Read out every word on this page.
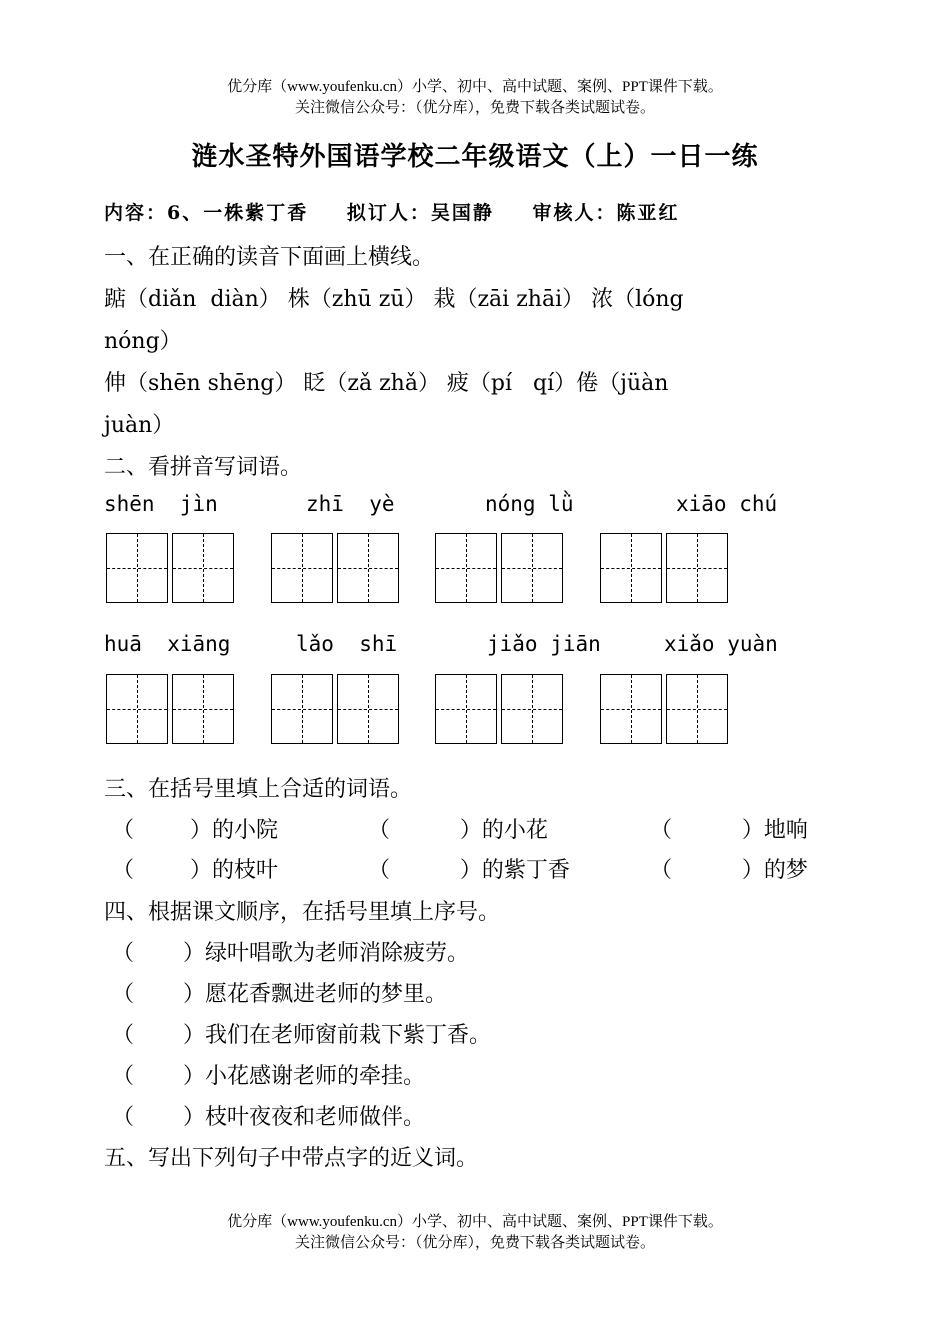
优分库（www.youfenku.cn）小学、初中、高中试题、案例、PPT课件下载。
关注微信公众号：（优分库），免费下载各类试题试卷。
涟水圣特外国语学校二年级语文（上）一日一练
内容：6、一株紫丁香 拟订人：吴国静 审核人：陈亚红
一、在正确的读音下面画上横线。
踮（diǎn  diàn） 株（zhū zū） 栽（zāi zhāi） 浓（lóng
nóng）
伸（shēn shēng） 眨（zǎ zhǎ） 疲（pí   qí）倦（jüàn
juàn）
二、看拼音写词语。
shēn  jìn	zhī  yè	nóng lǜ	xiāo chú
huā  xiāng	lǎo  shī	jiǎo jiān	xiǎo yuàn
三、在括号里填上合适的词语。
（        ）的小院	（          ）的小花	（          ）地响
（        ）的枝叶	（          ）的紫丁香	（          ）的梦
四、根据课文顺序，在括号里填上序号。
（       ）绿叶唱歌为老师消除疲劳。
（       ）愿花香飘进老师的梦里。
（       ）我们在老师窗前栽下紫丁香。
（       ）小花感谢老师的牵挂。
（       ）枝叶夜夜和老师做伴。
五、写出下列句子中带点字的近义词。
优分库（www.youfenku.cn）小学、初中、高中试题、案例、PPT课件下载。
关注微信公众号：（优分库），免费下载各类试题试卷。
